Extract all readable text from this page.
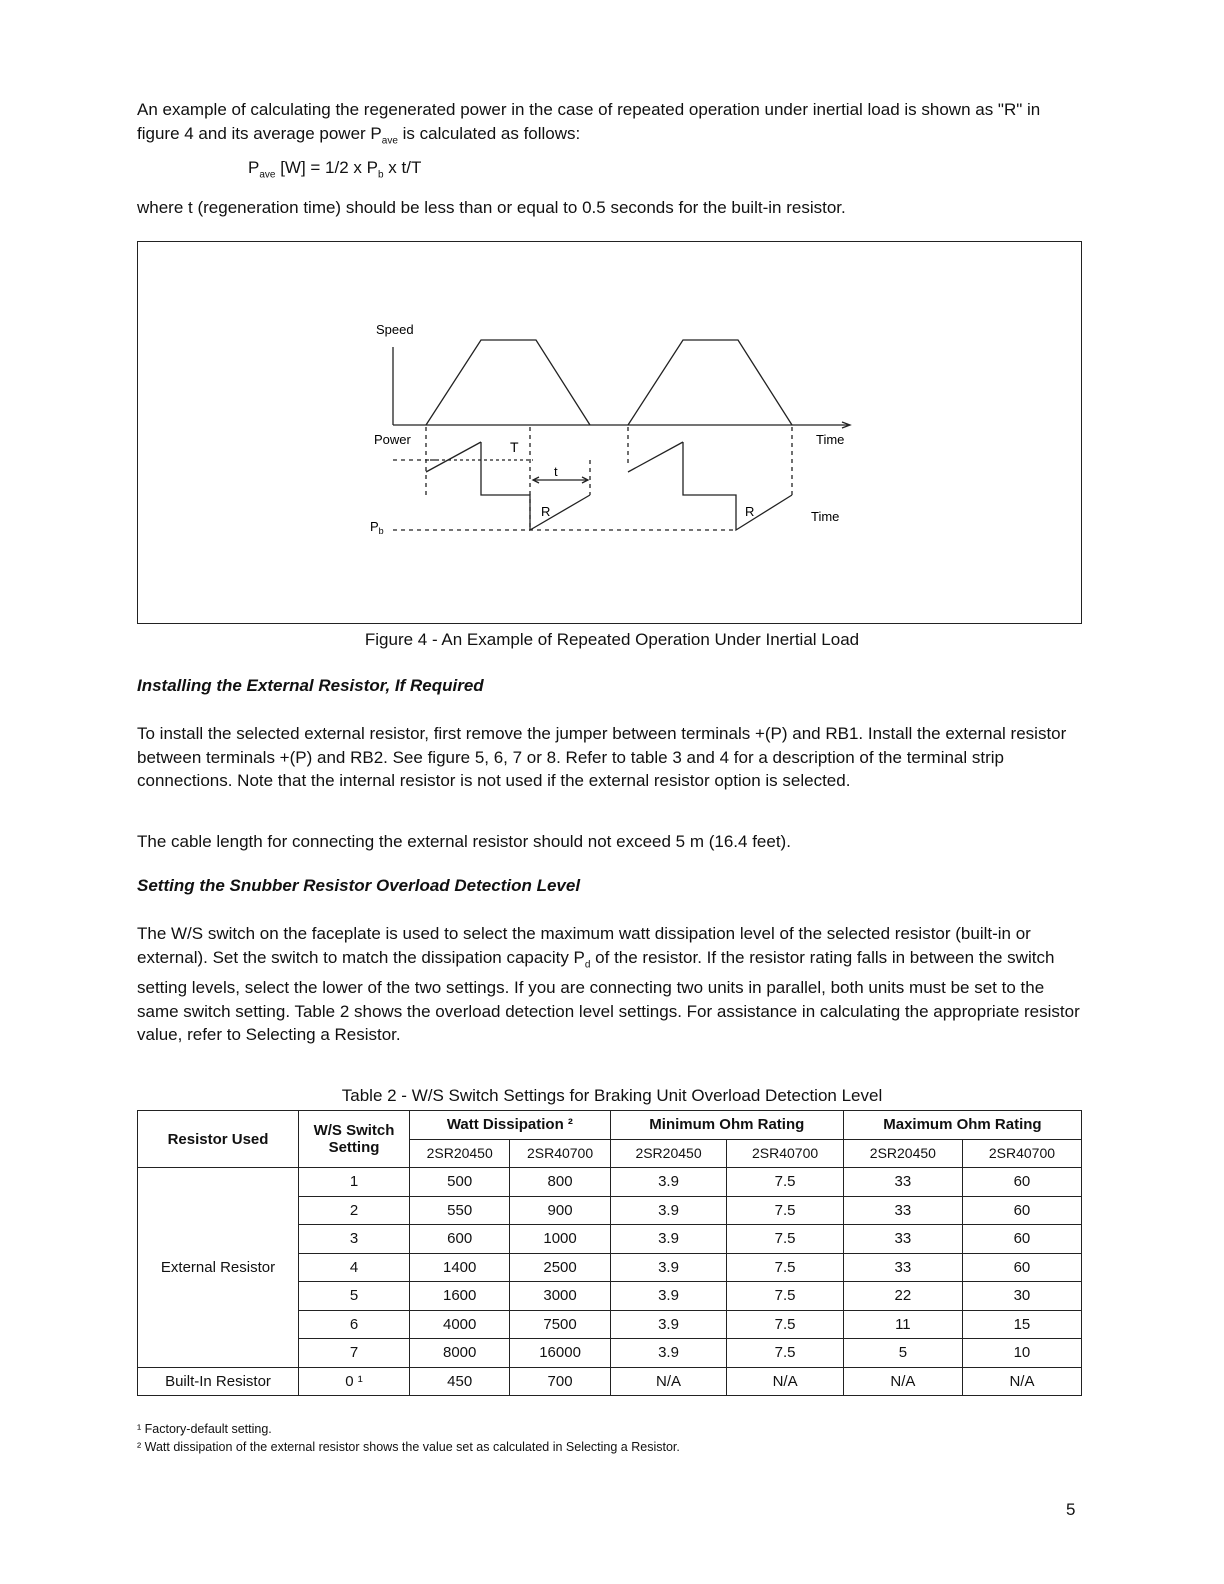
An example of calculating the regenerated power in the case of repeated operation under inertial load is shown as "R" in figure 4 and its average power $P_{ave}$ is calculated as follows:

$P_{ave}$ [W] = 1/2 x $P_b$ x t/T

where t (regeneration time) should be less than or equal to 0.5 seconds for the built-in resistor.

Speed
Power	Time
Time
T
t
R	R
$P_b$
Figure 4 - An Example of Repeated Operation Under Inertial Load
Installing the External Resistor, If Required

To install the selected external resistor, first remove the jumper between terminals +(P) and RB1. Install the external resistor between terminals +(P) and RB2. See figure 5, 6, 7 or 8. Refer to table 3 and 4 for a description of the terminal strip connections. Note that the internal resistor is not used if the external resistor option is selected.

The cable length for connecting the external resistor should not exceed 5 m (16.4 feet).

Setting the Snubber Resistor Overload Detection Level

The W/S switch on the faceplate is used to select the maximum watt dissipation level of the selected resistor (built-in or external). Set the switch to match the dissipation capacity $P_d$ of the resistor. If the resistor rating falls in between the switch setting levels, select the lower of the two settings. If you are connecting two units in parallel, both units must be set to the same switch setting. Table 2 shows the overload detection level settings. For assistance in calculating the appropriate resistor value, refer to Selecting a Resistor.

Table 2 - W/S Switch Settings for Braking Unit Overload Detection Level
Resistor Used	W/S Switch Setting	Watt Dissipation ²		Minimum Ohm Rating		Maximum Ohm Rating	
		2SR20450	2SR40700	2SR20450	2SR40700	2SR20450	2SR40700
External Resistor	1	500	800	3.9	7.5	33	60
	2	550	900	3.9	7.5	33	60
	3	600	1000	3.9	7.5	33	60
	4	1400	2500	3.9	7.5	33	60
	5	1600	3000	3.9	7.5	22	30
	6	4000	7500	3.9	7.5	11	15
	7	8000	16000	3.9	7.5	5	10
Built-In Resistor	0 ¹	450	700	N/A	N/A	N/A	N/A
¹ Factory-default setting.
² Watt dissipation of the external resistor shows the value set as calculated in Selecting a Resistor.
5
